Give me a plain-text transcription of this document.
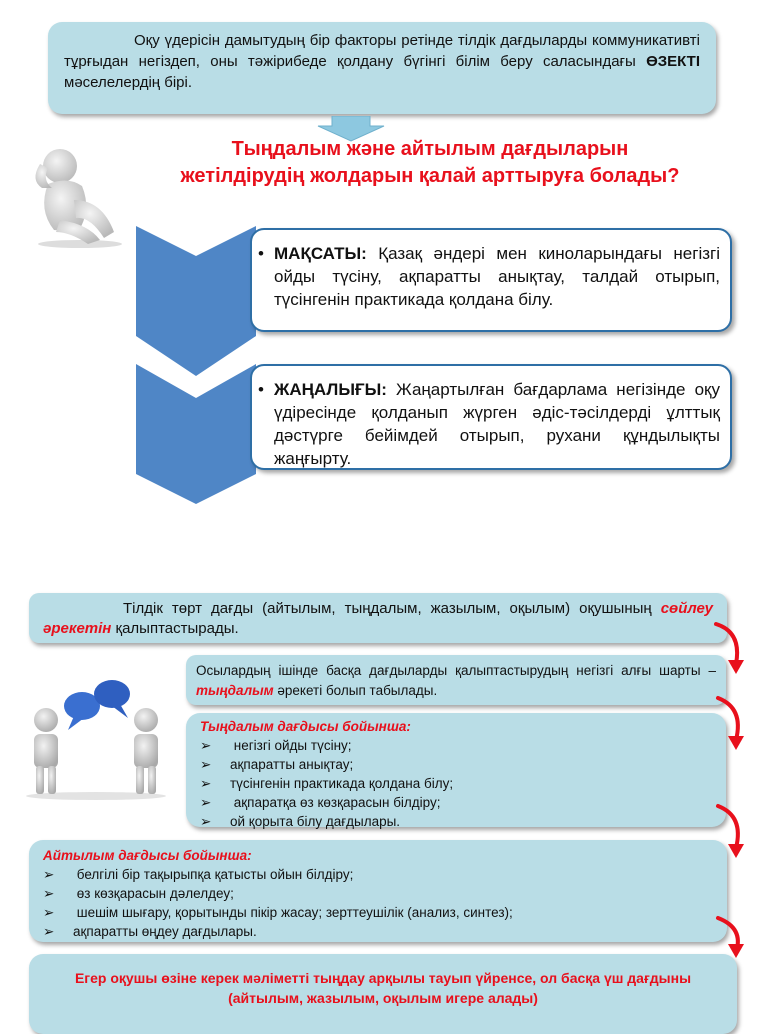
Оқу үдерісін дамытудың бір факторы ретінде тілдік дағдыларды коммуникативті тұрғыдан негіздеп, оны тәжірибеде қолдану бүгінгі білім беру саласындағы ӨЗЕКТІ мәселелердің бірі.
Тыңдалым және айтылым дағдыларын
жетілдірудің жолдарын қалай арттыруға болады?
• МАҚСАТЫ: Қазақ әндері мен киноларындағы негізгі ойды түсіну, ақпаратты анықтау, талдай отырып, түсінгенін практикада қолдана білу.
• ЖАҢАЛЫҒЫ: Жаңартылған бағдарлама негізінде оқу үдіресінде қолданып жүрген әдіс-тәсілдерді ұлттық дәстүрге бейімдей отырып, рухани құндылықты жаңғырту.
Тілдік төрт дағды (айтылым, тыңдалым, жазылым, оқылым) оқушының сөйлеу әрекетін қалыптастырады.
Осылардың ішінде басқа дағдыларды қалыптастырудың негізгі алғы шарты – тыңдалым әрекеті болып табылады.
Тыңдалым дағдысы бойынша:
➢ негізгі ойды түсіну;
➢ ақпаратты анықтау;
➢ түсінгенін практикада қолдана білу;
➢ ақпаратқа өз көзқарасын білдіру;
➢ ой қорыта білу дағдылары.
Айтылым дағдысы бойынша:
➢ белгілі бір тақырыпқа қатысты ойын білдіру;
➢ өз көзқарасын дәлелдеу;
➢ шешім шығару, қорытынды пікір жасау; зерттеушілік (анализ, синтез);
➢ ақпаратты өңдеу дағдылары.
Егер оқушы өзіне керек мәліметті тыңдау арқылы тауып үйренсе, ол басқа үш дағдыны (айтылым, жазылым, оқылым игере алады)
